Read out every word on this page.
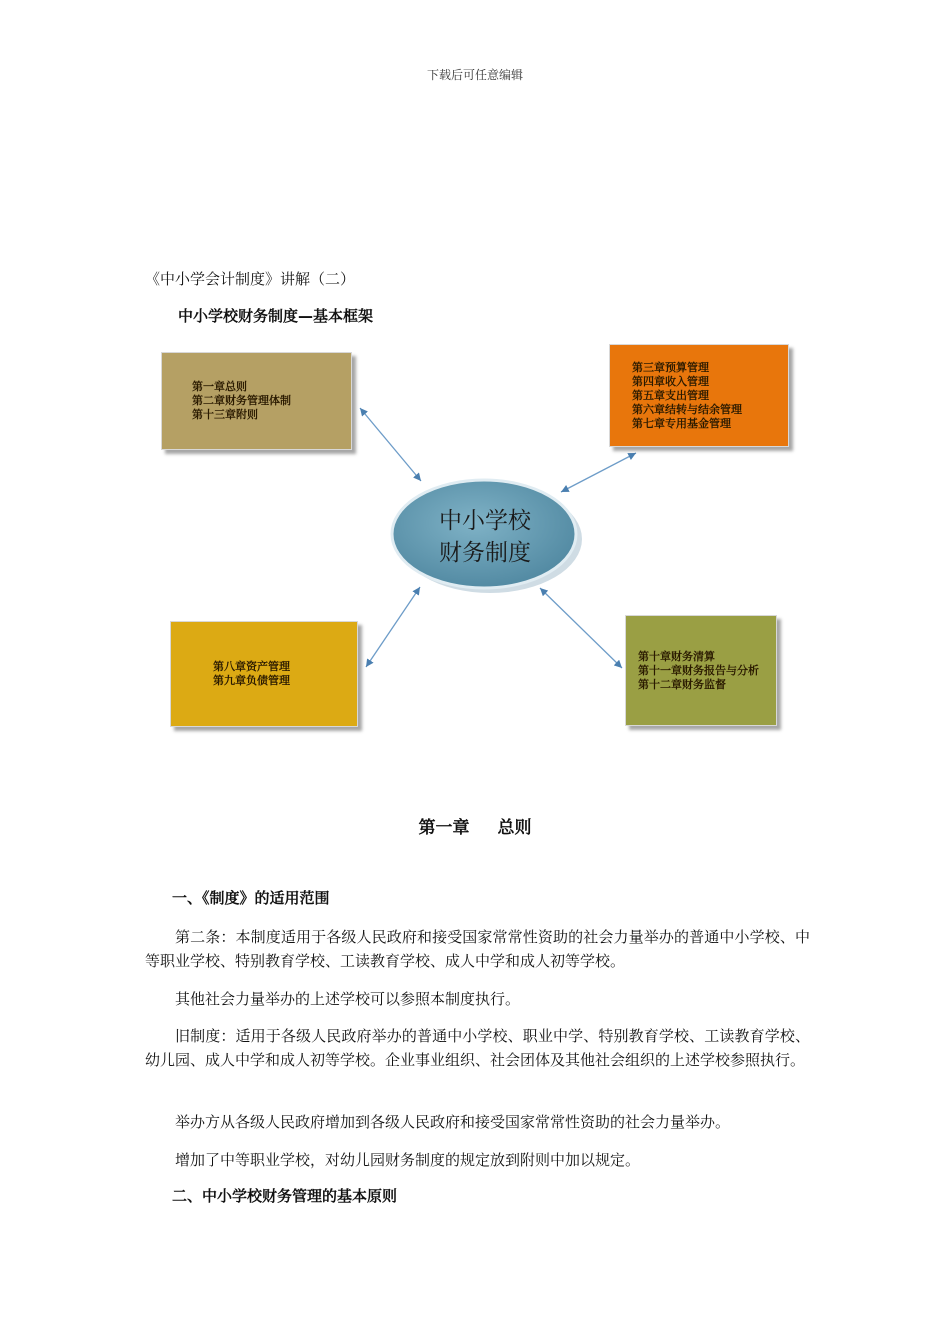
下载后可任意编辑
《中小学会计制度》讲解（二）
中小学校财务制度—基本框架
中小学校
财务制度
第一章总则
第二章财务管理体制
第十三章附则
第三章预算管理
第四章收入管理
第五章支出管理
第六章结转与结余管理
第七章专用基金管理
第八章资产管理
第九章负债管理
第十章财务清算
第十一章财务报告与分析
第十二章财务监督
第一章 总则
一、《制度》的适用范围
第二条：本制度适用于各级人民政府和接受国家常常性资助的社会力量举办的普通中小学校、中等职业学校、特别教育学校、工读教育学校、成人中学和成人初等学校。
其他社会力量举办的上述学校可以参照本制度执行。
旧制度：适用于各级人民政府举办的普通中小学校、职业中学、特别教育学校、工读教育学校、幼儿园、成人中学和成人初等学校。企业事业组织、社会团体及其他社会组织的上述学校参照执行。
举办方从各级人民政府增加到各级人民政府和接受国家常常性资助的社会力量举办。
增加了中等职业学校，对幼儿园财务制度的规定放到附则中加以规定。
二、中小学校财务管理的基本原则
